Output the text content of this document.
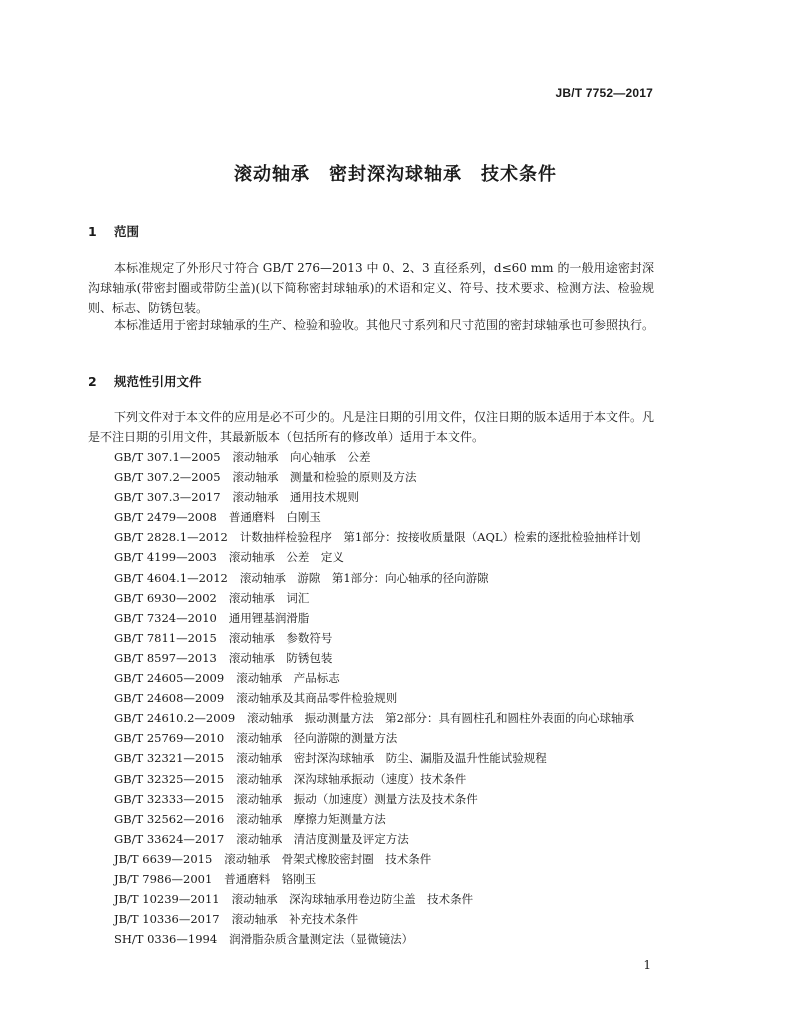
JB/T 7752—2017
滚动轴承　密封深沟球轴承　技术条件
1 范围
本标准规定了外形尺寸符合 GB/T 276—2013 中 0、2、3 直径系列，d≤60 mm 的一般用途密封深沟球轴承(带密封圈或带防尘盖)(以下简称密封球轴承)的术语和定义、符号、技术要求、检测方法、检验规则、标志、防锈包装。
本标准适用于密封球轴承的生产、检验和验收。其他尺寸系列和尺寸范围的密封球轴承也可参照执行。
2 规范性引用文件
下列文件对于本文件的应用是必不可少的。凡是注日期的引用文件，仅注日期的版本适用于本文件。凡是不注日期的引用文件，其最新版本（包括所有的修改单）适用于本文件。
GB/T 307.1—2005 滚动轴承　向心轴承　公差
GB/T 307.2—2005 滚动轴承　测量和检验的原则及方法
GB/T 307.3—2017 滚动轴承　通用技术规则
GB/T 2479—2008 普通磨料　白刚玉
GB/T 2828.1—2012 计数抽样检验程序　第1部分：按接收质量限（AQL）检索的逐批检验抽样计划
GB/T 4199—2003 滚动轴承　公差　定义
GB/T 4604.1—2012 滚动轴承　游隙　第1部分：向心轴承的径向游隙
GB/T 6930—2002 滚动轴承　词汇
GB/T 7324—2010 通用锂基润滑脂
GB/T 7811—2015 滚动轴承　参数符号
GB/T 8597—2013 滚动轴承　防锈包装
GB/T 24605—2009 滚动轴承　产品标志
GB/T 24608—2009 滚动轴承及其商品零件检验规则
GB/T 24610.2—2009 滚动轴承　振动测量方法　第2部分：具有圆柱孔和圆柱外表面的向心球轴承
GB/T 25769—2010 滚动轴承　径向游隙的测量方法
GB/T 32321—2015 滚动轴承　密封深沟球轴承　防尘、漏脂及温升性能试验规程
GB/T 32325—2015 滚动轴承　深沟球轴承振动（速度）技术条件
GB/T 32333—2015 滚动轴承　振动（加速度）测量方法及技术条件
GB/T 32562—2016 滚动轴承　摩擦力矩测量方法
GB/T 33624—2017 滚动轴承　清洁度测量及评定方法
JB/T 6639—2015 滚动轴承　骨架式橡胶密封圈　技术条件
JB/T 7986—2001 普通磨料　铬刚玉
JB/T 10239—2011 滚动轴承　深沟球轴承用卷边防尘盖　技术条件
JB/T 10336—2017 滚动轴承　补充技术条件
SH/T 0336—1994 润滑脂杂质含量测定法（显微镜法）
1
